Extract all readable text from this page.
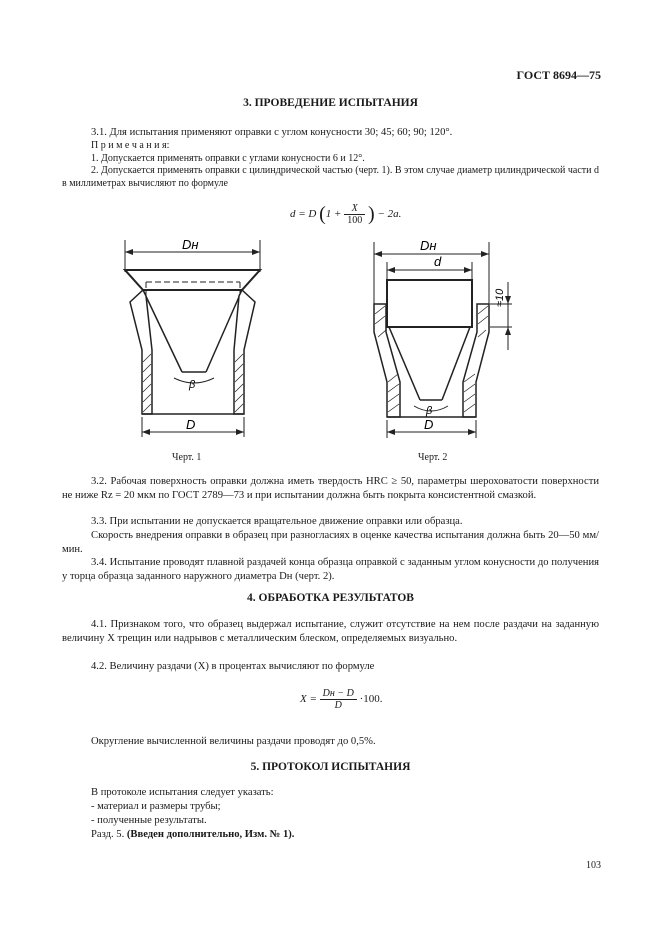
ГОСТ 8694—75
3. ПРОВЕДЕНИЕ ИСПЫТАНИЯ
3.1. Для испытания применяют оправки с углом конусности 30; 45; 60; 90; 120°.
П р и м е ч а н и я:
1. Допускается применять оправки с углами конусности 6 и 12°.
2. Допускается применять оправки с цилиндрической частью (черт. 1). В этом случае диаметр цилиндрической части d в миллиметрах вычисляют по формуле
d = D ($1 + \frac{X}{100}$ ) − 2a.
β
D
Dн
Черт. 1
Dн
d
≈10
β
D
Черт. 2
3.2. Рабочая поверхность оправки должна иметь твердость HRC ≥ 50, параметры шероховатости поверхности не ниже Rz = 20 мкм по ГОСТ 2789—73 и при испытании должна быть покрыта консистентной смазкой.
3.3. При испытании не допускается вращательное движение оправки или образца.
Скорость внедрения оправки в образец при разногласиях в оценке качества испытания должна быть 20—50 мм/мин.
3.4. Испытание проводят плавной раздачей конца образца оправкой с заданным углом конусности до получения у торца образца заданного наружного диаметра Dн (черт. 2).
4. ОБРАБОТКА РЕЗУЛЬТАТОВ
4.1. Признаком того, что образец выдержал испытание, служит отсутствие на нем после раздачи на заданную величину X трещин или надрывов с металлическим блеском, определяемых визуально.
4.2. Величину раздачи (X) в процентах вычисляют по формуле
$X = \frac{Dн - D}{D} \cdot 100$.
Округление вычисленной величины раздачи проводят до 0,5%.
5. ПРОТОКОЛ ИСПЫТАНИЯ
В протоколе испытания следует указать:
- материал и размеры трубы;
- полученные результаты.
Разд. 5. (Введен дополнительно, Изм. № 1).
103
